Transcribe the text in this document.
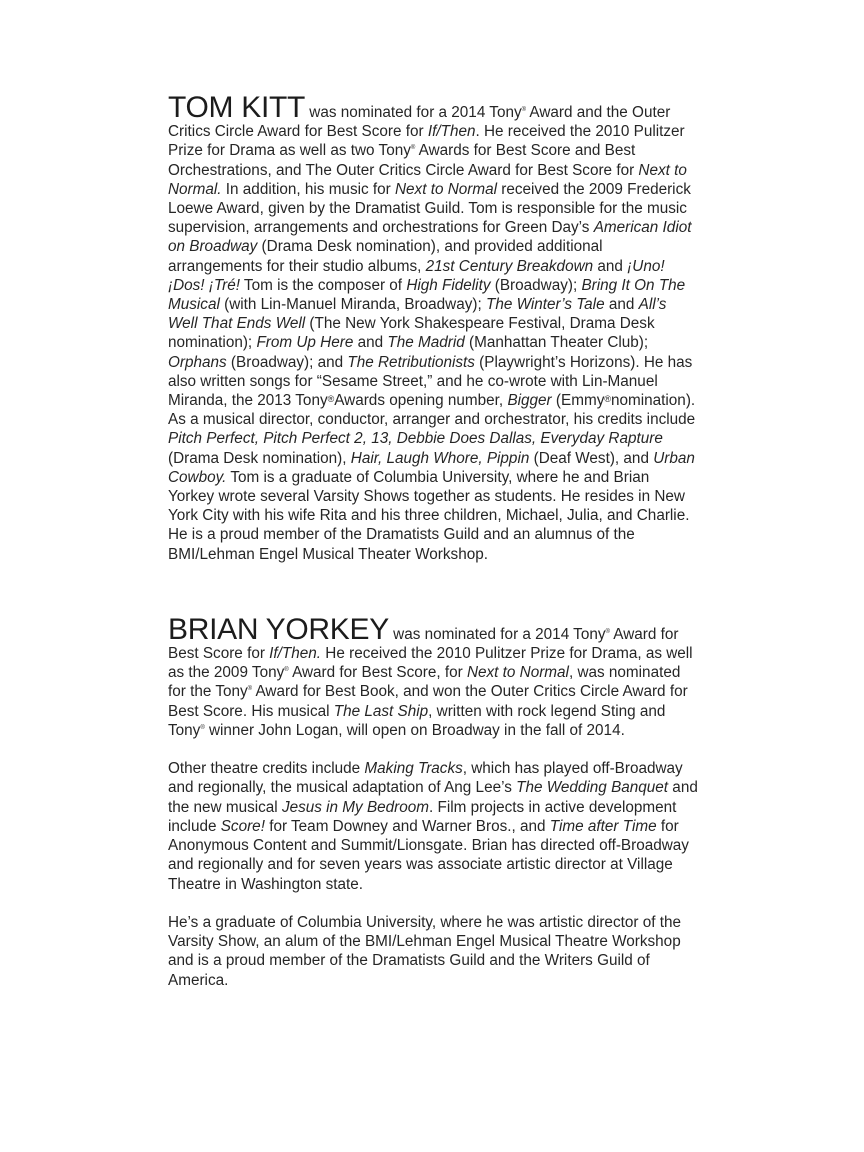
TOM KITT was nominated for a 2014 Tony® Award and the Outer Critics Circle Award for Best Score for If/Then. He received the 2010 Pulitzer Prize for Drama as well as two Tony® Awards for Best Score and Best Orchestrations, and The Outer Critics Circle Award for Best Score for Next to Normal. In addition, his music for Next to Normal received the 2009 Frederick Loewe Award, given by the Dramatist Guild. Tom is responsible for the music supervision, arrangements and orchestrations for Green Day’s American Idiot on Broadway (Drama Desk nomination), and provided additional arrangements for their studio albums, 21st Century Breakdown and ¡Uno! ¡Dos! ¡Tré! Tom is the composer of High Fidelity (Broadway); Bring It On The Musical (with Lin-Manuel Miranda, Broadway); The Winter’s Tale and All’s Well That Ends Well (The New York Shakespeare Festival, Drama Desk nomination); From Up Here and The Madrid (Manhattan Theater Club); Orphans (Broadway); and The Retributionists (Playwright’s Horizons). He has also written songs for “Sesame Street,” and he co-wrote with Lin-Manuel Miranda, the 2013 Tony®Awards opening number, Bigger (Emmy®nomination). As a musical director, conductor, arranger and orchestrator, his credits include Pitch Perfect, Pitch Perfect 2, 13, Debbie Does Dallas, Everyday Rapture (Drama Desk nomination), Hair, Laugh Whore, Pippin (Deaf West), and Urban Cowboy. Tom is a graduate of Columbia University, where he and Brian Yorkey wrote several Varsity Shows together as students. He resides in New York City with his wife Rita and his three children, Michael, Julia, and Charlie. He is a proud member of the Dramatists Guild and an alumnus of the BMI/Lehman Engel Musical Theater Workshop.

BRIAN YORKEY was nominated for a 2014 Tony® Award for Best Score for If/Then. He received the 2010 Pulitzer Prize for Drama, as well as the 2009 Tony® Award for Best Score, for Next to Normal, was nominated for the Tony® Award for Best Book, and won the Outer Critics Circle Award for Best Score. His musical The Last Ship, written with rock legend Sting and Tony® winner John Logan, will open on Broadway in the fall of 2014.

Other theatre credits include Making Tracks, which has played off-Broadway and regionally, the musical adaptation of Ang Lee’s The Wedding Banquet and the new musical Jesus in My Bedroom. Film projects in active development include Score! for Team Downey and Warner Bros., and Time after Time for Anonymous Content and Summit/Lionsgate. Brian has directed off-Broadway and regionally and for seven years was associate artistic director at Village Theatre in Washington state.

He’s a graduate of Columbia University, where he was artistic director of the Varsity Show, an alum of the BMI/Lehman Engel Musical Theatre Workshop and is a proud member of the Dramatists Guild and the Writers Guild of America.
